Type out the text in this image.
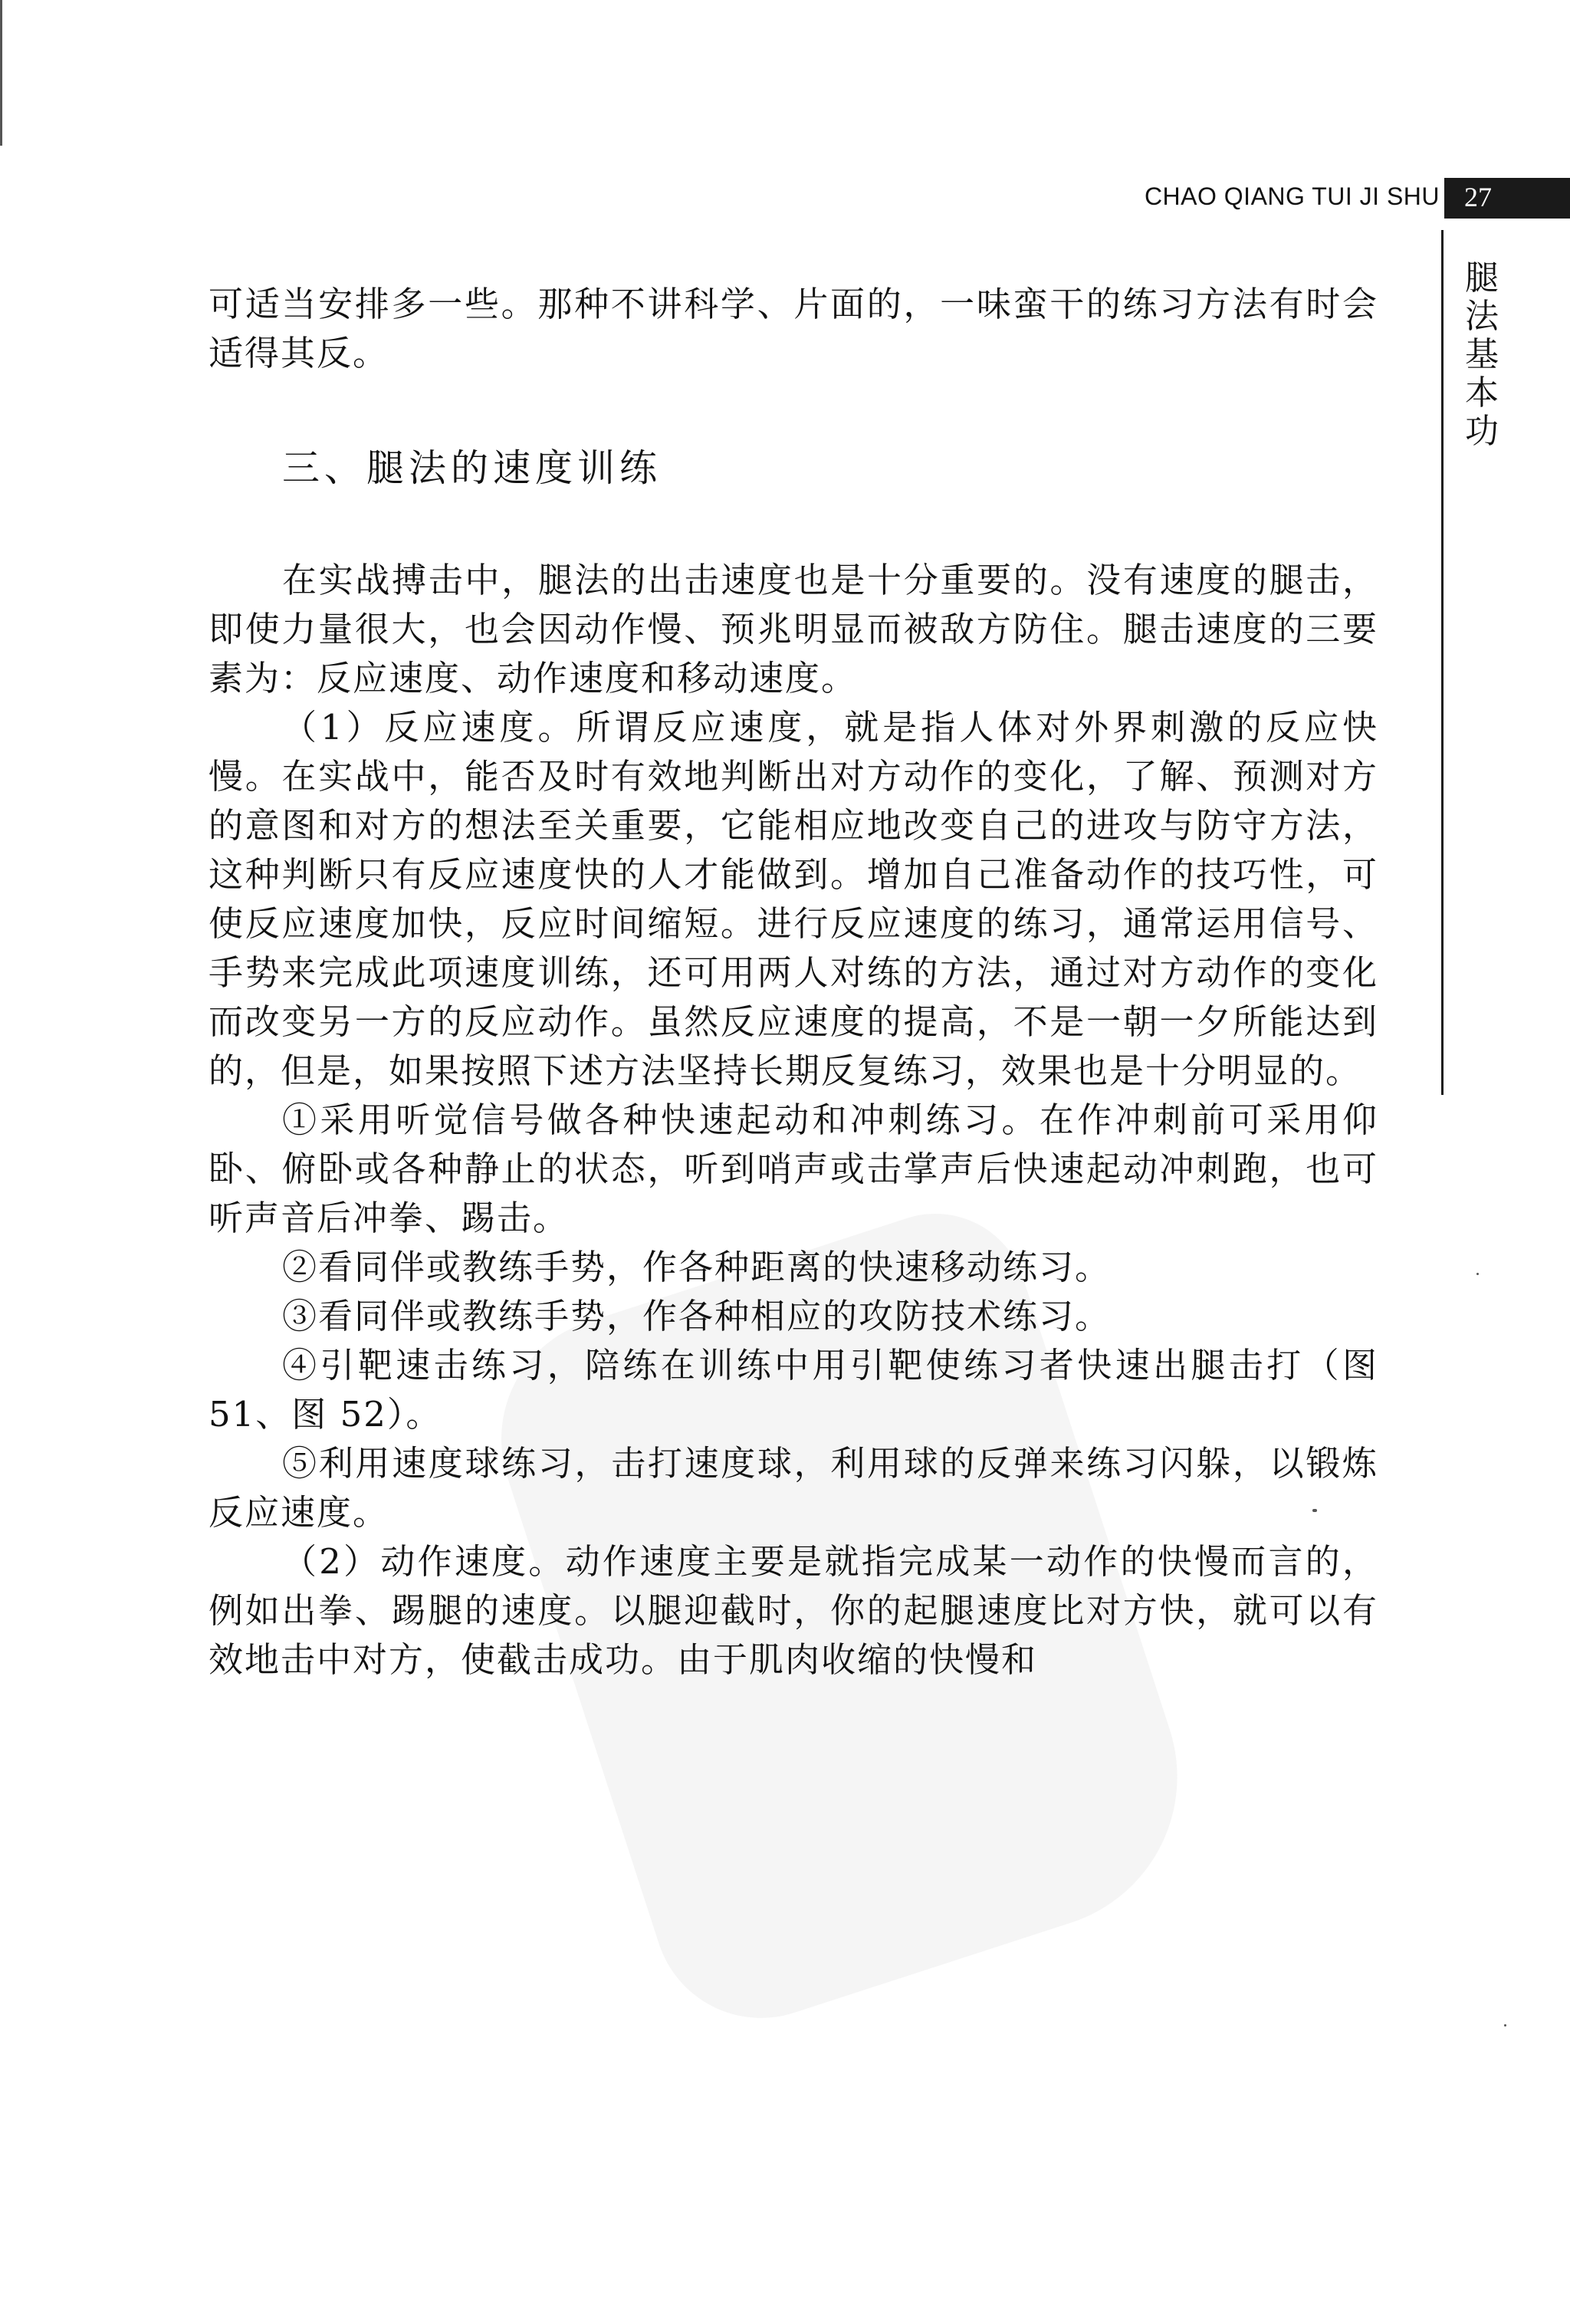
CHAO QIANG TUI JI SHU 27
腿法基本功

可适当安排多一些。那种不讲科学、片面的，一味蛮干的练习方法有时会适得其反。

三、腿法的速度训练

在实战搏击中，腿法的出击速度也是十分重要的。没有速度的腿击，即使力量很大，也会因动作慢、预兆明显而被敌方防住。腿击速度的三要素为：反应速度、动作速度和移动速度。

（1）反应速度。所谓反应速度，就是指人体对外界刺激的反应快慢。在实战中，能否及时有效地判断出对方动作的变化，了解、预测对方的意图和对方的想法至关重要，它能相应地改变自己的进攻与防守方法，这种判断只有反应速度快的人才能做到。增加自己准备动作的技巧性，可使反应速度加快，反应时间缩短。进行反应速度的练习，通常运用信号、手势来完成此项速度训练，还可用两人对练的方法，通过对方动作的变化而改变另一方的反应动作。虽然反应速度的提高，不是一朝一夕所能达到的，但是，如果按照下述方法坚持长期反复练习，效果也是十分明显的。

①采用听觉信号做各种快速起动和冲刺练习。在作冲刺前可采用仰卧、俯卧或各种静止的状态，听到哨声或击掌声后快速起动冲刺跑，也可听声音后冲拳、踢击。

②看同伴或教练手势，作各种距离的快速移动练习。

③看同伴或教练手势，作各种相应的攻防技术练习。

④引靶速击练习，陪练在训练中用引靶使练习者快速出腿击打（图 51、图 52）。

⑤利用速度球练习，击打速度球，利用球的反弹来练习闪躲，以锻炼反应速度。

（2）动作速度。动作速度主要是就指完成某一动作的快慢而言的，例如出拳、踢腿的速度。以腿迎截时，你的起腿速度比对方快，就可以有效地击中对方，使截击成功。由于肌肉收缩的快慢和
